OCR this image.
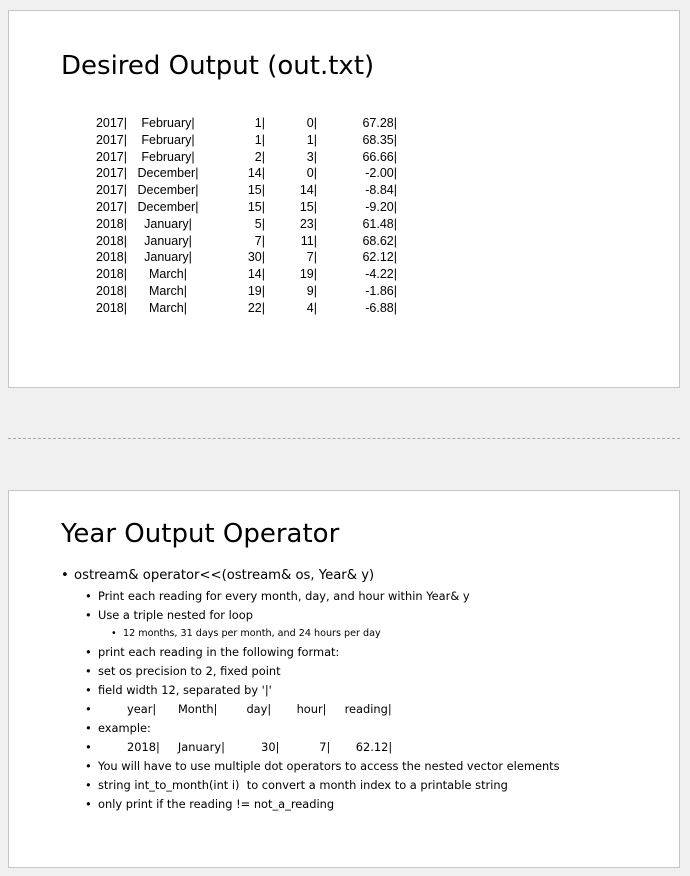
Desired Output (out.txt)
2017|	February|	1|	0|	67.28|
2017|	February|	1|	1|	68.35|
2017|	February|	2|	3|	66.66|
2017| December|	14|	0|	-2.00|
2017| December|	15|	14|	-8.84|
2017| December|	15|	15|	-9.20|
2018|	January|	5|	23|	61.48|
2018|	January|	7|	11|	68.62|
2018|	January|	30|	7|	62.12|
2018|	March|	14|	19|	-4.22|
2018|	March|	19|	9|	-1.86|
2018|	March|	22|	4|	-6.88|
Year Output Operator
• ostream& operator<<(ostream& os, Year& y)
• Print each reading for every month, day, and hour within Year& y
• Use a triple nested for loop
• 12 months, 31 days per month, and 24 hours per day
• print each reading in the following format:
• set os precision to 2, fixed point
• field width 12, separated by '|'
• year|      Month|        day|       hour|     reading|
• example:
• 2018|     January|          30|           7|       62.12|
• You will have to use multiple dot operators to access the nested vector elements
• string int_to_month(int i)  to convert a month index to a printable string
• only print if the reading != not_a_reading
